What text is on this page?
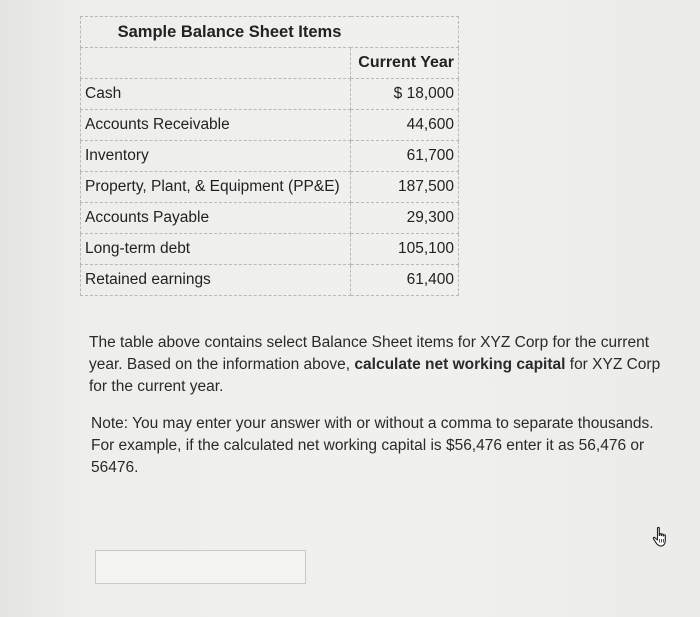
Sample Balance Sheet Items	
	Current Year
Cash	$ 18,000
Accounts Receivable	44,600
Inventory	61,700
Property, Plant, & Equipment (PP&E)	187,500
Accounts Payable	29,300
Long-term debt	105,100
Retained earnings	61,400

The table above contains select Balance Sheet items for XYZ Corp for the current year. Based on the information above, calculate net working capital for XYZ Corp for the current year.

Note: You may enter your answer with or without a comma to separate thousands. For example, if the calculated net working capital is $56,476 enter it as 56,476 or 56476.
